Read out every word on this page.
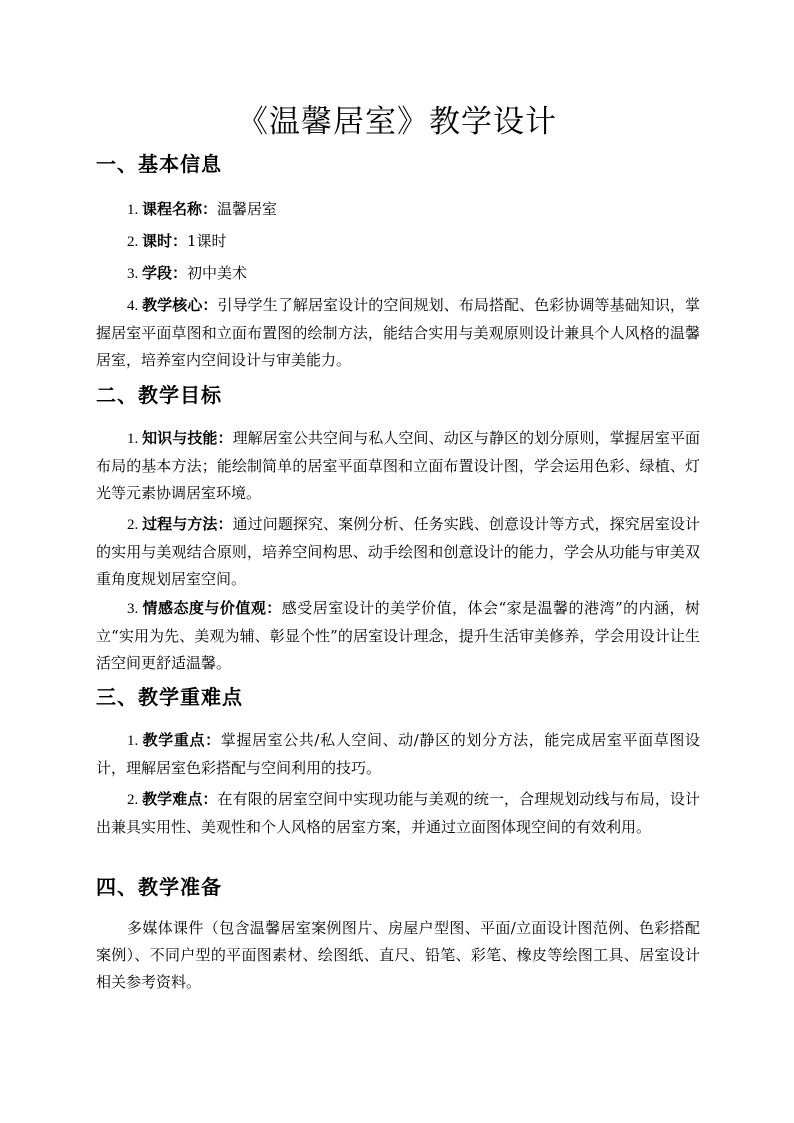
《温馨居室》教学设计
一、基本信息
1. 课程名称：温馨居室
2. 课时：1课时
3. 学段：初中美术
4. 教学核心：引导学生了解居室设计的空间规划、布局搭配、色彩协调等基础知识，掌握居室平面草图和立面布置图的绘制方法，能结合实用与美观原则设计兼具个人风格的温馨居室，培养室内空间设计与审美能力。
二、教学目标
1. 知识与技能：理解居室公共空间与私人空间、动区与静区的划分原则，掌握居室平面布局的基本方法；能绘制简单的居室平面草图和立面布置设计图，学会运用色彩、绿植、灯光等元素协调居室环境。
2. 过程与方法：通过问题探究、案例分析、任务实践、创意设计等方式，探究居室设计的实用与美观结合原则，培养空间构思、动手绘图和创意设计的能力，学会从功能与审美双重角度规划居室空间。
3. 情感态度与价值观：感受居室设计的美学价值，体会“家是温馨的港湾”的内涵，树立“实用为先、美观为辅、彰显个性”的居室设计理念，提升生活审美修养，学会用设计让生活空间更舒适温馨。
三、教学重难点
1. 教学重点：掌握居室公共/私人空间、动/静区的划分方法，能完成居室平面草图设计，理解居室色彩搭配与空间利用的技巧。
2. 教学难点：在有限的居室空间中实现功能与美观的统一，合理规划动线与布局，设计出兼具实用性、美观性和个人风格的居室方案，并通过立面图体现空间的有效利用。
四、教学准备
多媒体课件（包含温馨居室案例图片、房屋户型图、平面/立面设计图范例、色彩搭配案例）、不同户型的平面图素材、绘图纸、直尺、铅笔、彩笔、橡皮等绘图工具、居室设计相关参考资料。
